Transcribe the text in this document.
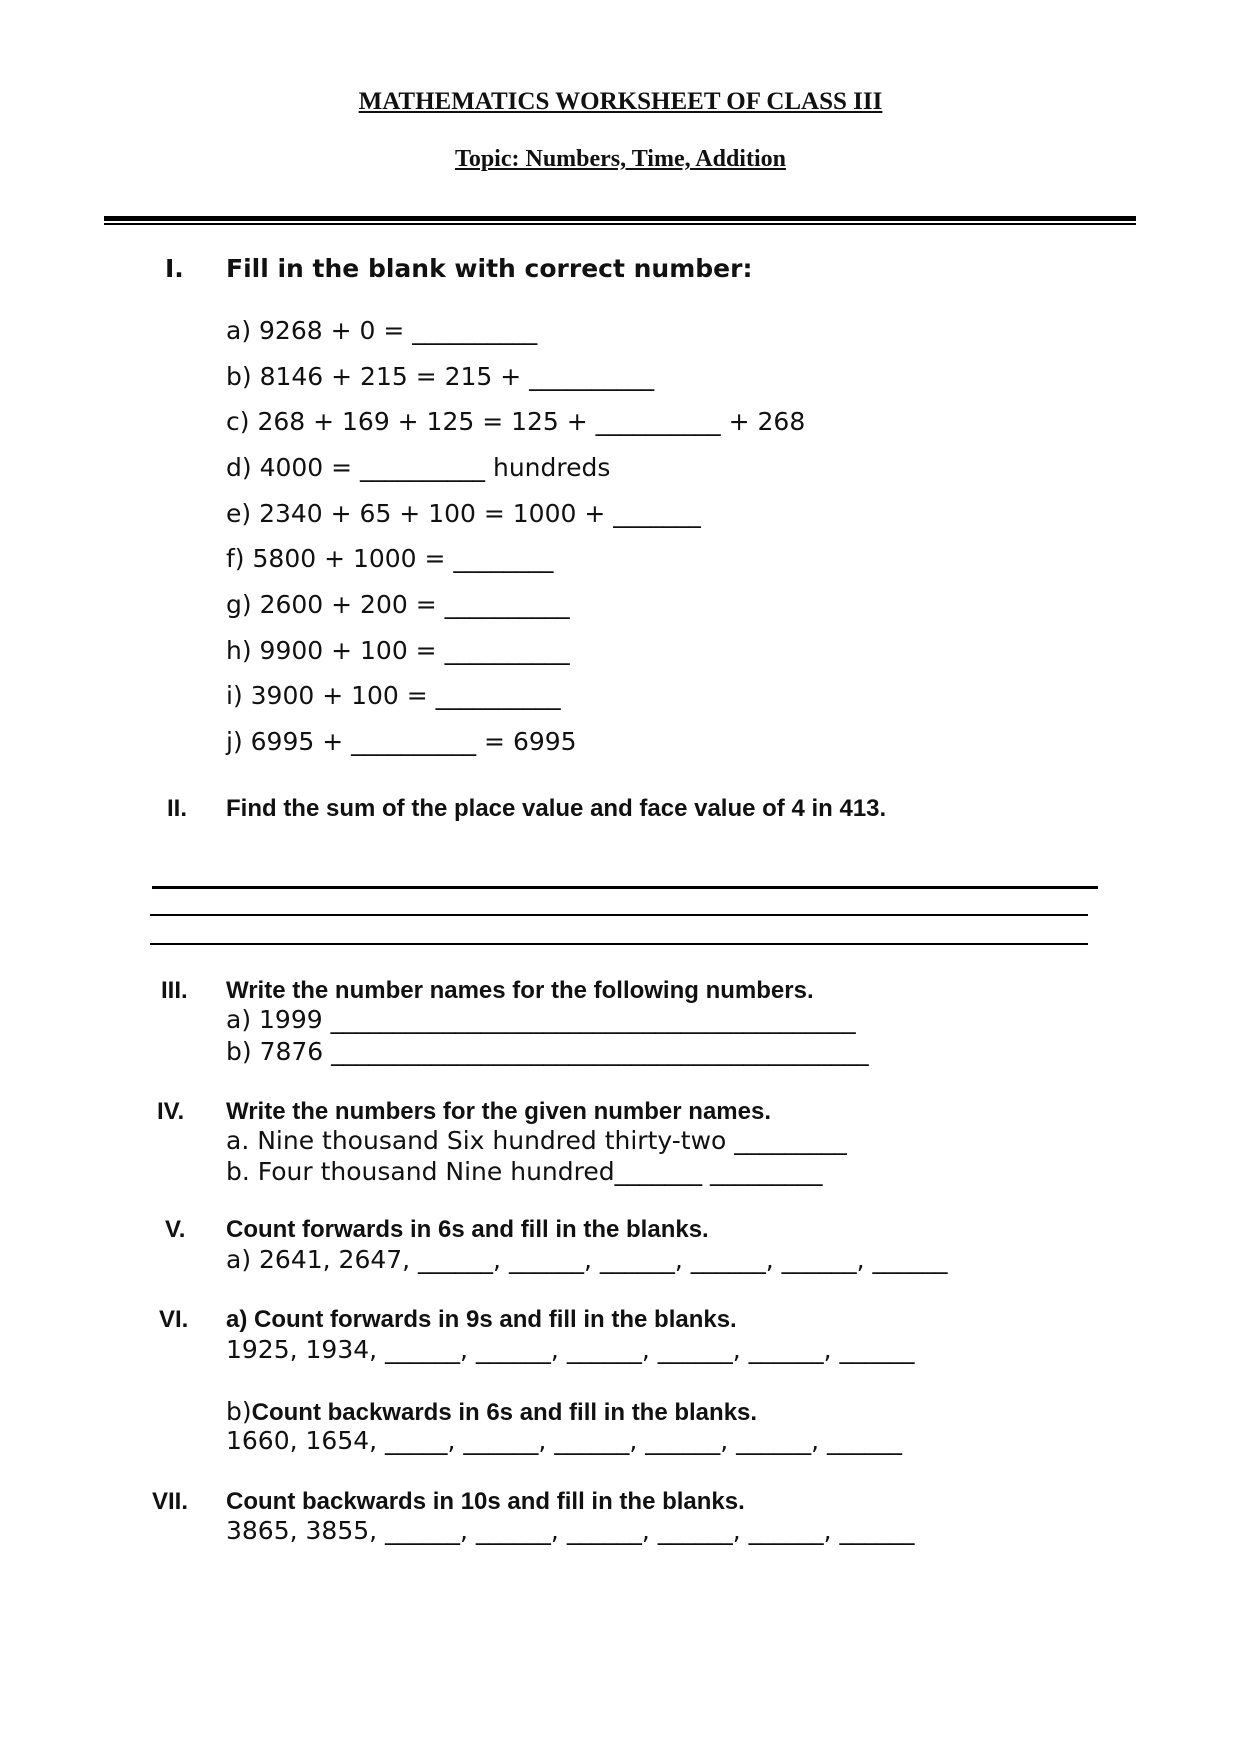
MATHEMATICS WORKSHEET OF CLASS III
Topic: Numbers, Time, Addition
I. Fill in the blank with correct number:
a) 9268 + 0 = __________
b) 8146 + 215 = 215 + __________
c) 268 + 169 + 125 = 125 + __________ + 268
d) 4000 = __________ hundreds
e) 2340 + 65 + 100 = 1000 + _______
f) 5800 + 1000 = ________
g) 2600 + 200 = __________
h) 9900 + 100 = __________
i) 3900 + 100 = __________
j) 6995 + __________ = 6995
II. Find the sum of the place value and face value of 4 in 413.
III. Write the number names for the following numbers.
a) 1999 __________________________________________
b) 7876 ___________________________________________
IV. Write the numbers for the given number names.
a. Nine thousand Six hundred thirty-two _________
b. Four thousand Nine hundred_______ _________
V. Count forwards in 6s and fill in the blanks.
a) 2641, 2647, ______, ______, ______, ______, ______, ______
VI. a) Count forwards in 9s and fill in the blanks.
1925, 1934, ______, ______, ______, ______, ______, ______
b)Count backwards in 6s and fill in the blanks.
1660, 1654, _____, ______, ______, ______, ______, ______
VII. Count backwards in 10s and fill in the blanks.
3865, 3855, ______, ______, ______, ______, ______, ______
